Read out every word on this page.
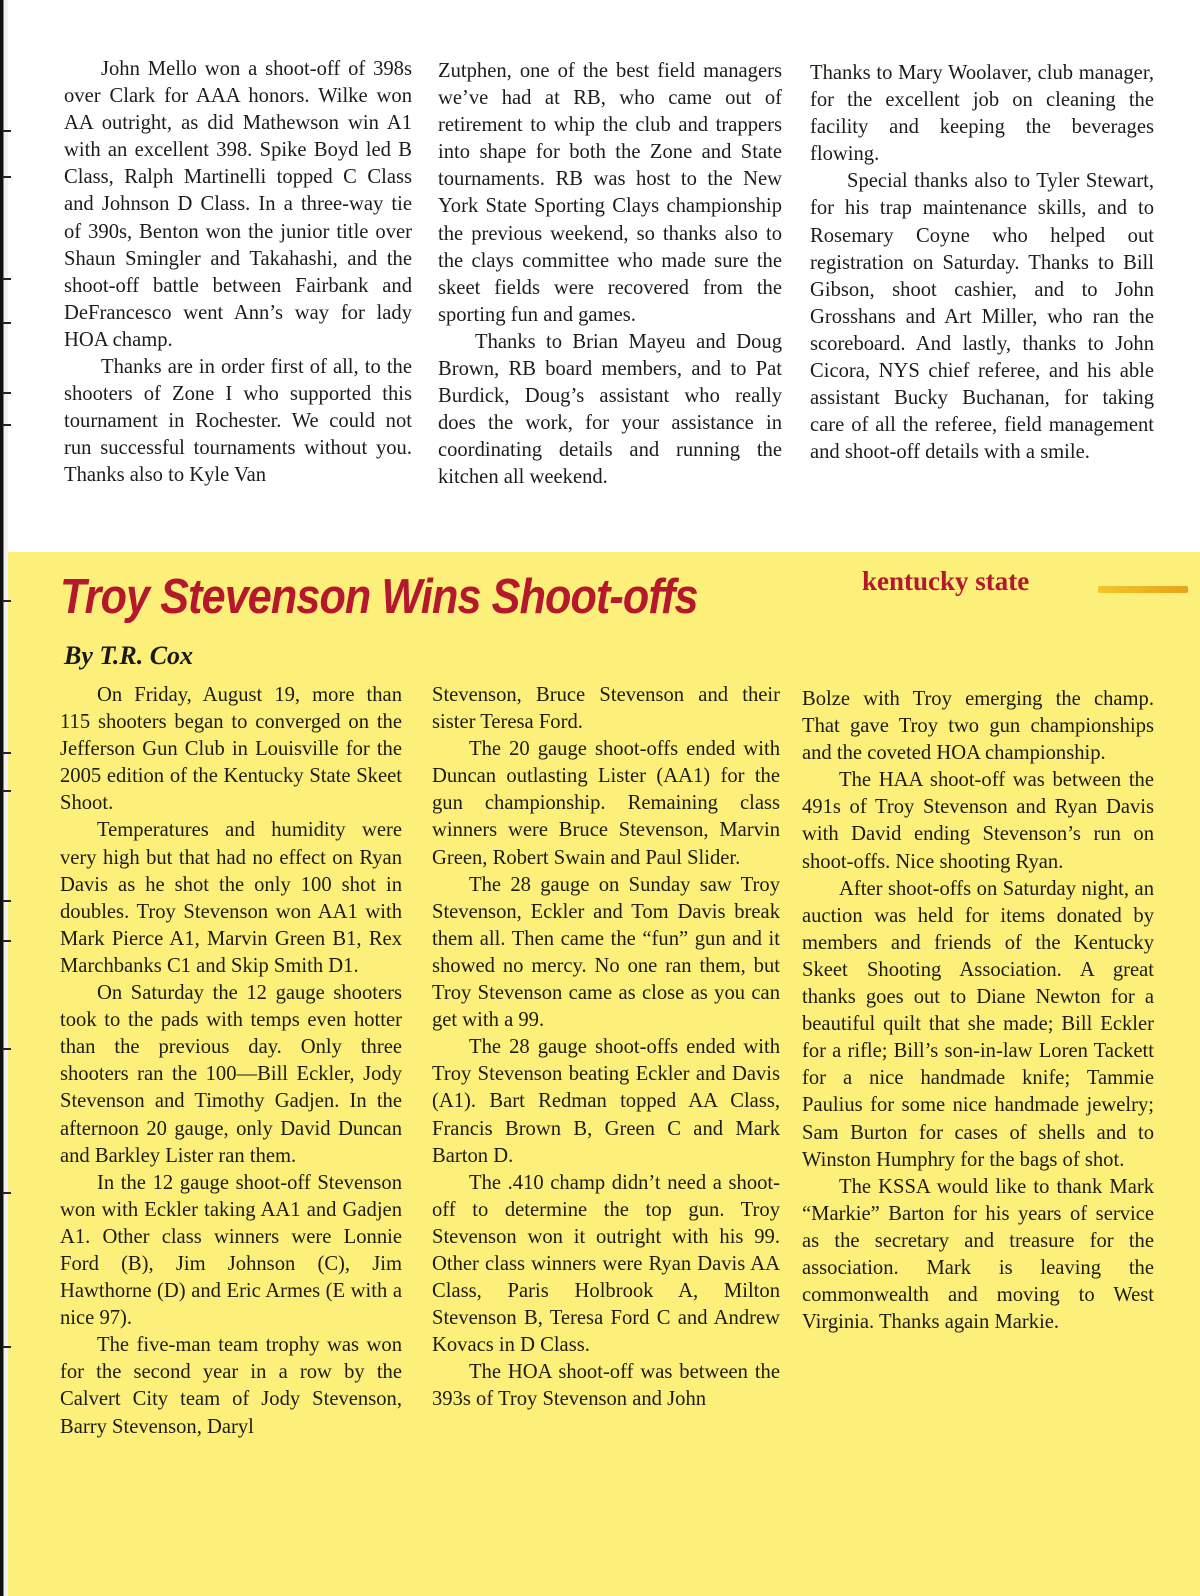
John Mello won a shoot-off of 398s over Clark for AAA honors. Wilke won AA outright, as did Mathewson win A1 with an excellent 398. Spike Boyd led B Class, Ralph Martinelli topped C Class and Johnson D Class. In a three-way tie of 390s, Benton won the junior title over Shaun Smingler and Takahashi, and the shoot-off battle between Fairbank and DeFrancesco went Ann’s way for lady HOA champ.

Thanks are in order first of all, to the shooters of Zone I who supported this tournament in Rochester. We could not run successful tournaments without you. Thanks also to Kyle Van

Zutphen, one of the best field managers we’ve had at RB, who came out of retirement to whip the club and trappers into shape for both the Zone and State tournaments. RB was host to the New York State Sporting Clays championship the previous weekend, so thanks also to the clays committee who made sure the skeet fields were recovered from the sporting fun and games.

Thanks to Brian Mayeu and Doug Brown, RB board members, and to Pat Burdick, Doug’s assistant who really does the work, for your assistance in coordinating details and running the kitchen all weekend.

Thanks to Mary Woolaver, club manager, for the excellent job on cleaning the facility and keeping the beverages flowing.

Special thanks also to Tyler Stewart, for his trap maintenance skills, and to Rosemary Coyne who helped out registration on Saturday. Thanks to Bill Gibson, shoot cashier, and to John Grosshans and Art Miller, who ran the scoreboard. And lastly, thanks to John Cicora, NYS chief referee, and his able assistant Bucky Buchanan, for taking care of all the referee, field management and shoot-off details with a smile.

Troy Stevenson Wins Shoot-offs	kentucky state
By T.R. Cox

On Friday, August 19, more than 115 shooters began to converged on the Jefferson Gun Club in Louisville for the 2005 edition of the Kentucky State Skeet Shoot.

Temperatures and humidity were very high but that had no effect on Ryan Davis as he shot the only 100 shot in doubles. Troy Stevenson won AA1 with Mark Pierce A1, Marvin Green B1, Rex Marchbanks C1 and Skip Smith D1.

On Saturday the 12 gauge shooters took to the pads with temps even hotter than the previous day. Only three shooters ran the 100—Bill Eckler, Jody Stevenson and Timothy Gadjen. In the afternoon 20 gauge, only David Duncan and Barkley Lister ran them.

In the 12 gauge shoot-off Stevenson won with Eckler taking AA1 and Gadjen A1. Other class winners were Lonnie Ford (B), Jim Johnson (C), Jim Hawthorne (D) and Eric Armes (E with a nice 97).

The five-man team trophy was won for the second year in a row by the Calvert City team of Jody Stevenson, Barry Stevenson, Daryl

Stevenson, Bruce Stevenson and their sister Teresa Ford.

The 20 gauge shoot-offs ended with Duncan outlasting Lister (AA1) for the gun championship. Remaining class winners were Bruce Stevenson, Marvin Green, Robert Swain and Paul Slider.

The 28 gauge on Sunday saw Troy Stevenson, Eckler and Tom Davis break them all. Then came the “fun” gun and it showed no mercy. No one ran them, but Troy Stevenson came as close as you can get with a 99.

The 28 gauge shoot-offs ended with Troy Stevenson beating Eckler and Davis (A1). Bart Redman topped AA Class, Francis Brown B, Green C and Mark Barton D.

The .410 champ didn’t need a shoot-off to determine the top gun. Troy Stevenson won it outright with his 99. Other class winners were Ryan Davis AA Class, Paris Holbrook A, Milton Stevenson B, Teresa Ford C and Andrew Kovacs in D Class.

The HOA shoot-off was between the 393s of Troy Stevenson and John

Bolze with Troy emerging the champ. That gave Troy two gun championships and the coveted HOA championship.

The HAA shoot-off was between the 491s of Troy Stevenson and Ryan Davis with David ending Stevenson’s run on shoot-offs. Nice shooting Ryan.

After shoot-offs on Saturday night, an auction was held for items donated by members and friends of the Kentucky Skeet Shooting Association. A great thanks goes out to Diane Newton for a beautiful quilt that she made; Bill Eckler for a rifle; Bill’s son-in-law Loren Tackett for a nice handmade knife; Tammie Paulius for some nice handmade jewelry; Sam Burton for cases of shells and to Winston Humphry for the bags of shot.

The KSSA would like to thank Mark “Markie” Barton for his years of service as the secretary and treasure for the association. Mark is leaving the commonwealth and moving to West Virginia. Thanks again Markie.
